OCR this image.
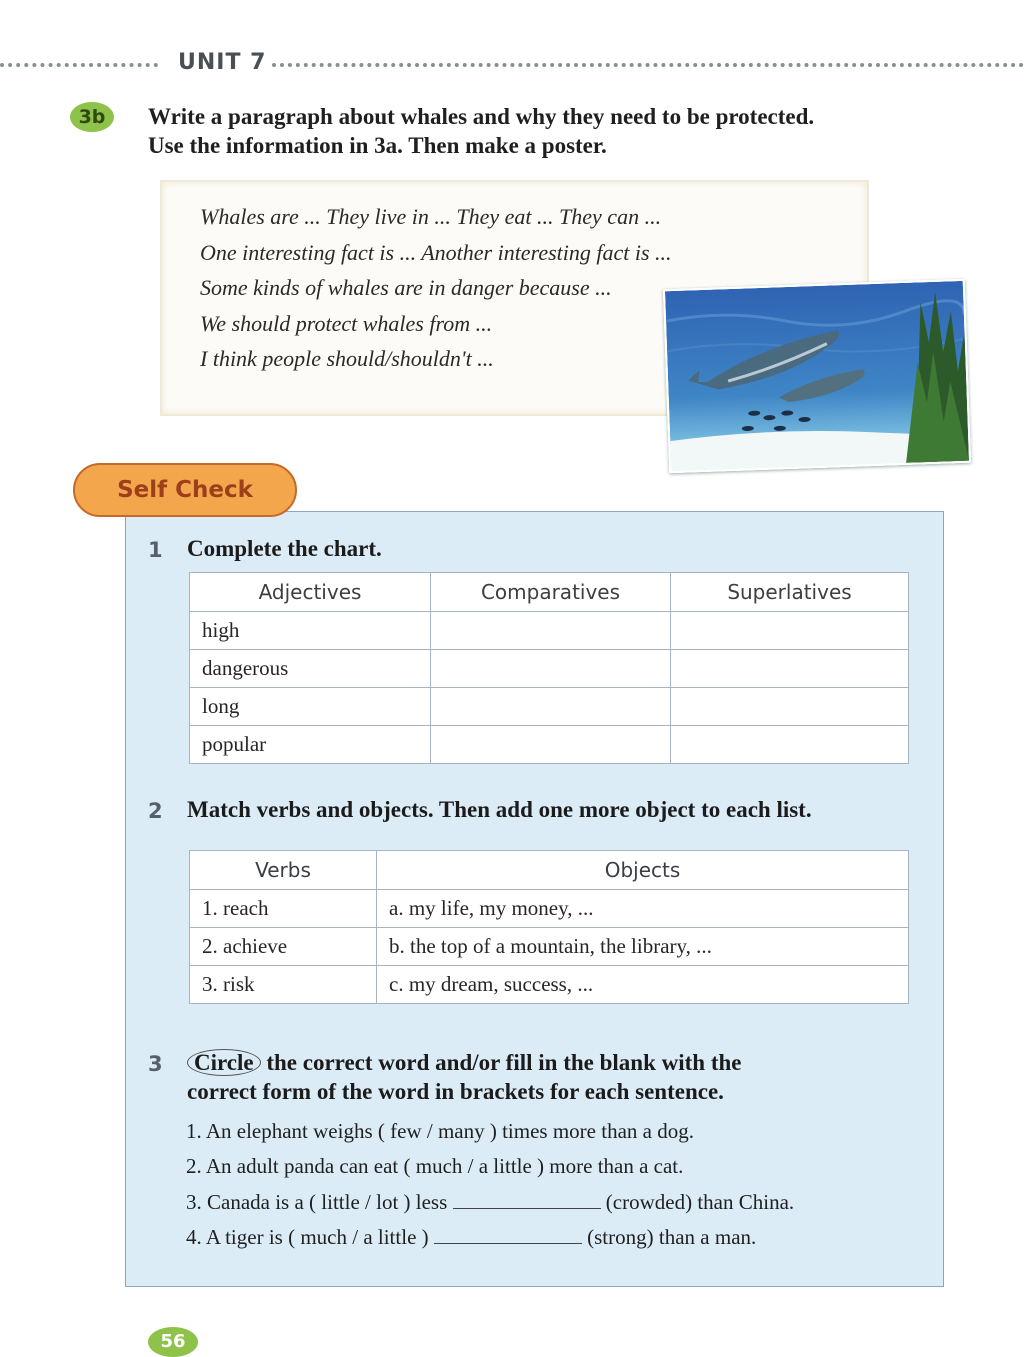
UNIT 7
3b	Write a paragraph about whales and why they need to be protected.
Use the information in 3a. Then make a poster.
Whales are ... They live in ... They eat ... They can ...
One interesting fact is ... Another interesting fact is ...
Some kinds of whales are in danger because ...
We should protect whales from ...
I think people should/shouldn't ...
Self Check
1 Complete the chart.
Adjectives	Comparatives	Superlatives
high		
dangerous		
long		
popular		
2 Match verbs and objects. Then add one more object to each list.
Verbs	Objects
1. reach	a. my life, my money, ...
2. achieve	b. the top of a mountain, the library, ...
3. risk	c. my dream, success, ...
3	Circle the correct word and/or fill in the blank with the
correct form of the word in brackets for each sentence.
1. An elephant weighs ( few / many ) times more than a dog.
2. An adult panda can eat ( much / a little ) more than a cat.
3. Canada is a ( little / lot ) less	(crowded) than China.
4. A tiger is ( much / a little )	(strong) than a man.
56
